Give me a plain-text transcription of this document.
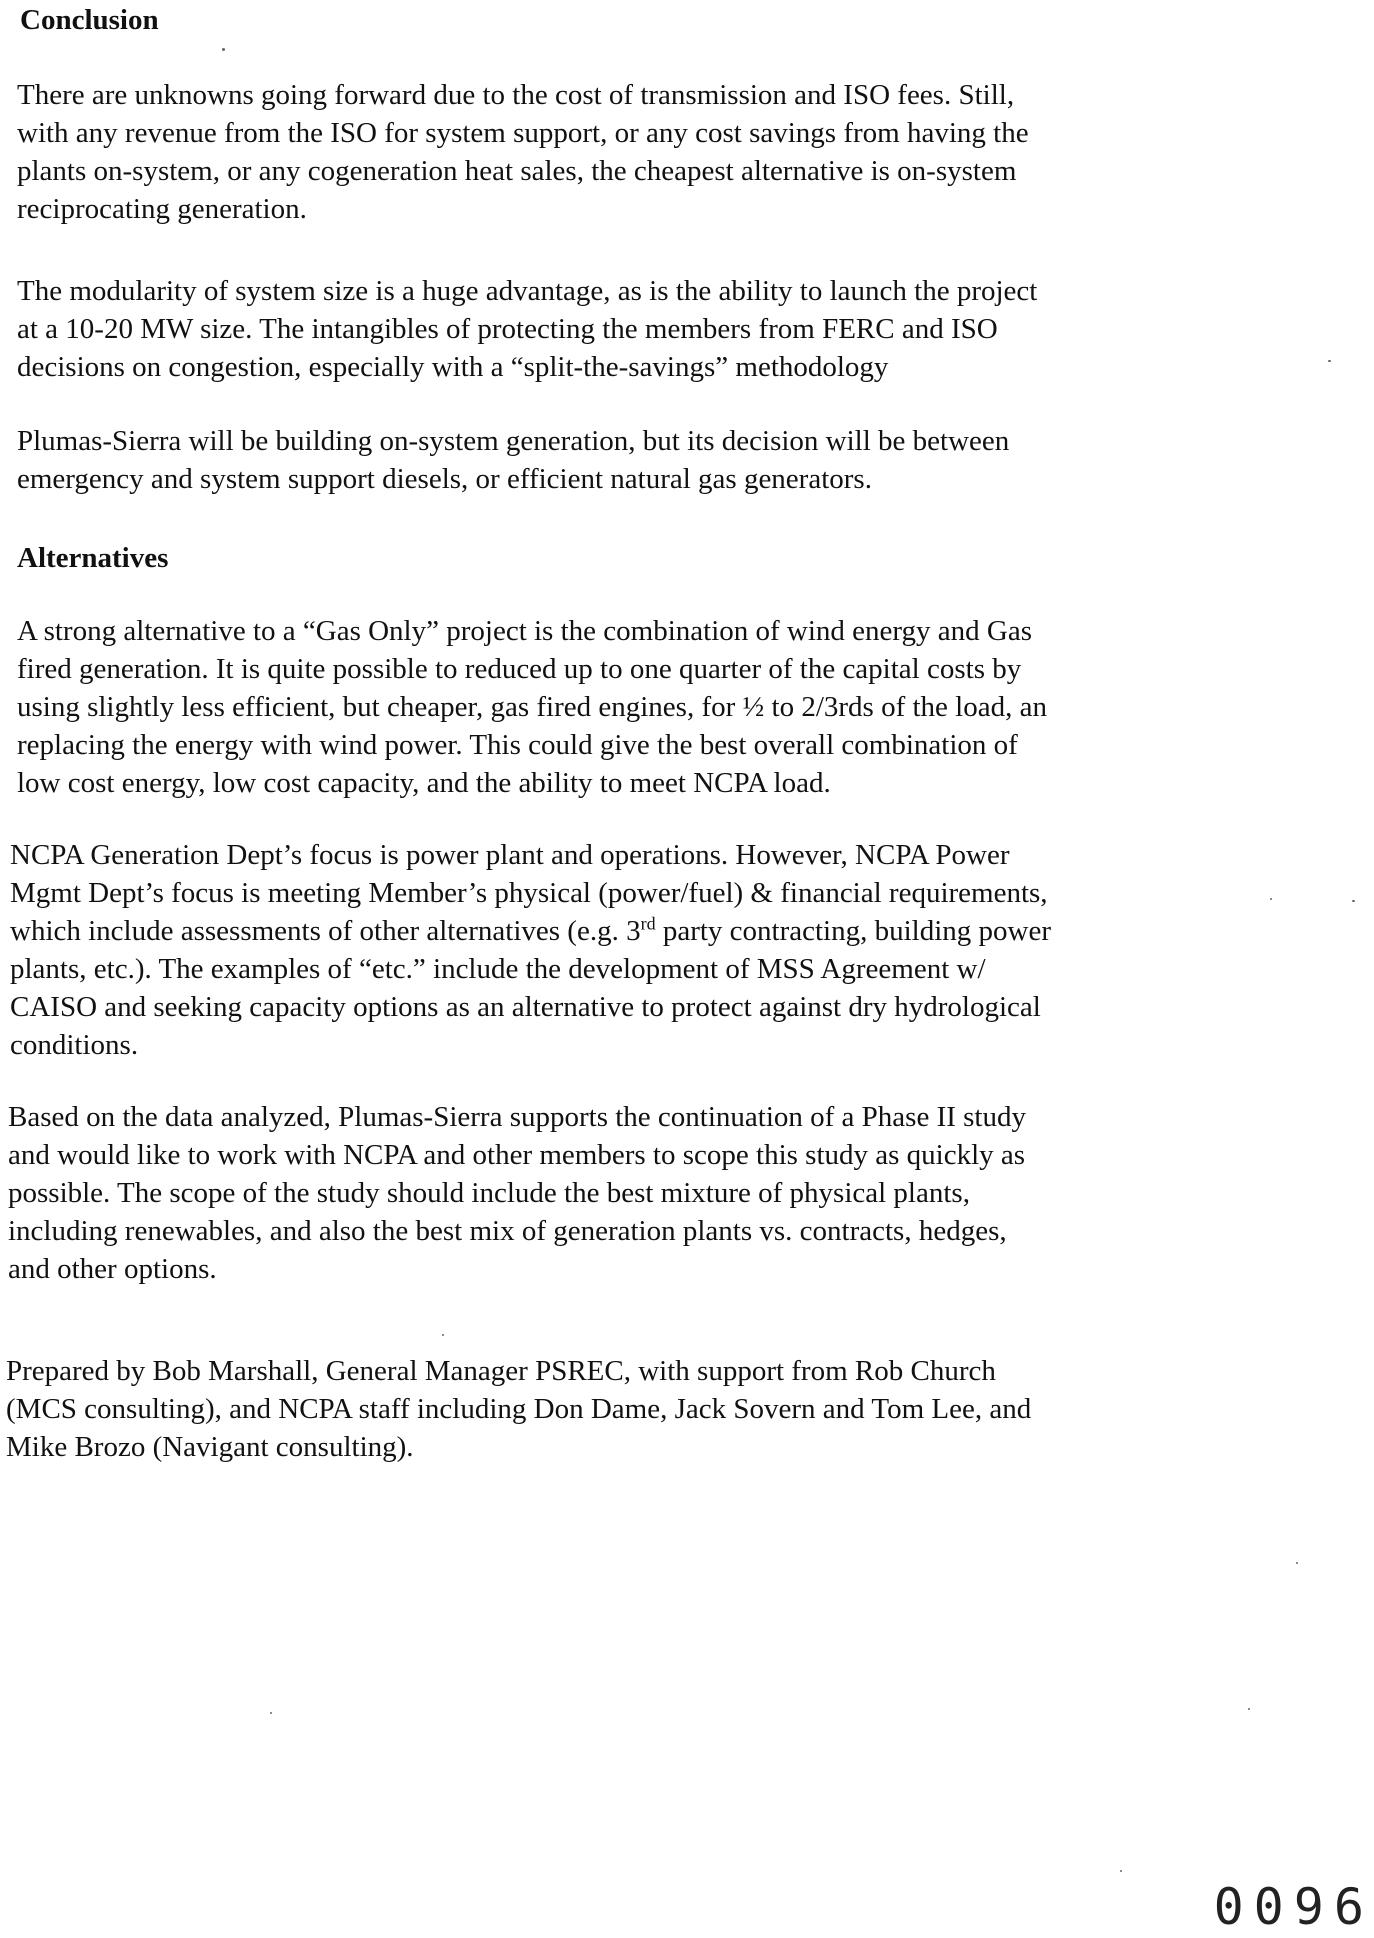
Conclusion

There are unknowns going forward due to the cost of transmission and ISO fees. Still,
with any revenue from the ISO for system support, or any cost savings from having the
plants on-system, or any cogeneration heat sales, the cheapest alternative is on-system
reciprocating generation.

The modularity of system size is a huge advantage, as is the ability to launch the project
at a 10-20 MW size. The intangibles of protecting the members from FERC and ISO
decisions on congestion, especially with a “split-the-savings” methodology

Plumas-Sierra will be building on-system generation, but its decision will be between
emergency and system support diesels, or efficient natural gas generators.

Alternatives

A strong alternative to a “Gas Only” project is the combination of wind energy and Gas
fired generation. It is quite possible to reduced up to one quarter of the capital costs by
using slightly less efficient, but cheaper, gas fired engines, for ½ to 2/3rds of the load, an
replacing the energy with wind power. This could give the best overall combination of
low cost energy, low cost capacity, and the ability to meet NCPA load.

NCPA Generation Dept’s focus is power plant and operations. However, NCPA Power
Mgmt Dept’s focus is meeting Member’s physical (power/fuel) & financial requirements,
which include assessments of other alternatives (e.g. 3rd party contracting, building power
plants, etc.). The examples of “etc.” include the development of MSS Agreement w/
CAISO and seeking capacity options as an alternative to protect against dry hydrological
conditions.

Based on the data analyzed, Plumas-Sierra supports the continuation of a Phase II study
and would like to work with NCPA and other members to scope this study as quickly as
possible. The scope of the study should include the best mixture of physical plants,
including renewables, and also the best mix of generation plants vs. contracts, hedges,
and other options.

Prepared by Bob Marshall, General Manager PSREC, with support from Rob Church
(MCS consulting), and NCPA staff including Don Dame, Jack Sovern and Tom Lee, and
Mike Brozo (Navigant consulting).

0096
